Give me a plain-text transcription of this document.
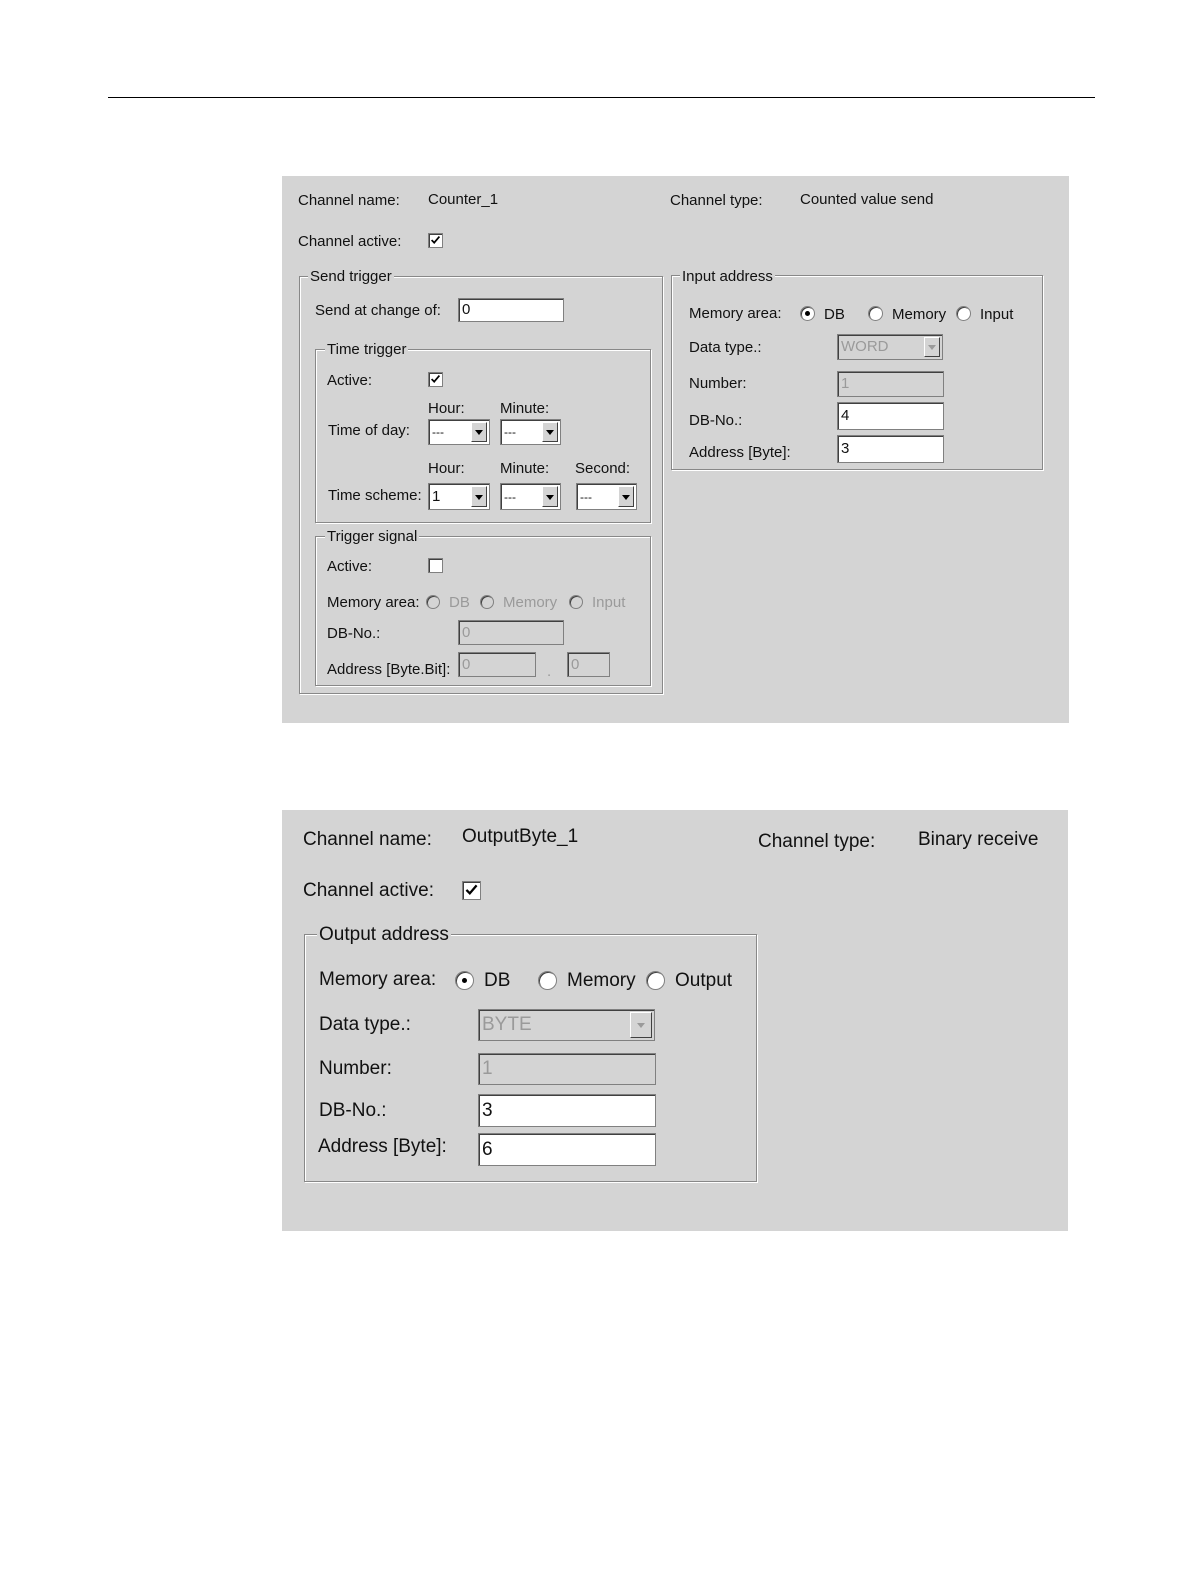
Channel name: Counter_1	Channel type: Counted value send
Channel active:
Send trigger
Send at change of: 0
Time trigger
Active:
Hour: Minute:
Time of day:	---	---
Hour: Minute: Second:
Time scheme: 1	---	---
Trigger signal
Active:
Memory area: DB Memory Input
DB-No.:	0
Address [Byte.Bit]: 0	. 0
Input address
Memory area:	DB	Memory Input
Data type.:	WORD
Number:	1
DB-No.:	4
Address [Byte]:	3
Channel name: OutputByte_1	Channel type: Binary receive
Channel active:
Output address
Memory area:	DB	Memory Output
Data type.:	BYTE
Number:	1
DB-No.:	3
Address [Byte]: 6
